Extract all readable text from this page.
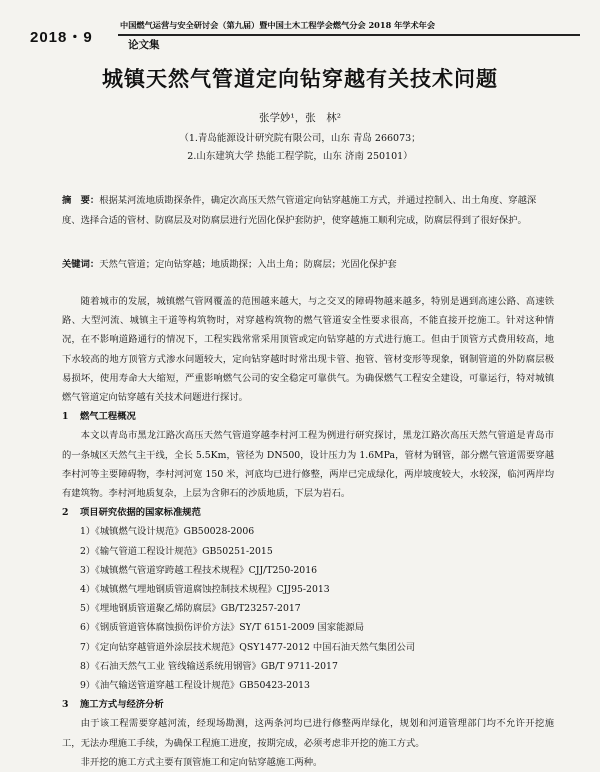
2018・9
中国燃气运营与安全研讨会（第九届）暨中国土木工程学会燃气分会 2018 年学术年会
论文集
城镇天然气管道定向钻穿越有关技术问题
张学妙¹，张　林²
（1.青岛能源设计研究院有限公司，山东 青岛 266073；
2.山东建筑大学 热能工程学院，山东 济南 250101）
摘　要：根据某河流地质勘探条件，确定次高压天然气管道定向钻穿越施工方式，并通过控制入、出土角度、穿越深度、选择合适的管材、防腐层及对防腐层进行光固化保护套防护，使穿越施工顺利完成，防腐层得到了很好保护。
关键词：天然气管道；定向钻穿越；地质勘探；入出土角；防腐层；光固化保护套

随着城市的发展，城镇燃气管网覆盖的范围越来越大，与之交叉的障碍物越来越多，特别是遇到高速公路、高速铁路、大型河流、城镇主干道等构筑物时，对穿越构筑物的燃气管道安全性要求很高，不能直接开挖施工。针对这种情况，在不影响道路通行的情况下，工程实践常常采用顶管或定向钻穿越的方式进行施工。但由于顶管方式费用较高，地下水较高的地方顶管方式渗水问题较大，定向钻穿越时时常出现卡管、抱管、管材变形等现象，钢制管道的外防腐层极易损坏，使用寿命大大缩短，严重影响燃气公司的安全稳定可靠供气。为确保燃气工程安全建设，可靠运行，特对城镇燃气管道定向钻穿越有关技术问题进行探讨。

1 燃气工程概况

本文以青岛市黑龙江路次高压天然气管道穿越李村河工程为例进行研究探讨，黑龙江路次高压天然气管道是青岛市的一条城区天然气主干线，全长 5.5Km，管径为 DN500，设计压力为 1.6MPa，管材为钢管，部分燃气管道需要穿越李村河等主要障碍物，李村河河宽 150 米，河底均已进行修整，两岸已完成绿化，两岸坡度较大，水较深，临河两岸均有建筑物。李村河地质复杂，上层为含卵石的沙质地质，下层为岩石。

2 项目研究依据的国家标准规范
1）《城镇燃气设计规范》GB50028-2006
2）《输气管道工程设计规范》GB50251-2015
3）《城镇燃气管道穿跨越工程技术规程》CJJ/T250-2016
4）《城镇燃气埋地钢质管道腐蚀控制技术规程》CJJ95-2013
5）《埋地钢质管道聚乙烯防腐层》GB/T23257-2017
6）《钢质管道管体腐蚀损伤评价方法》SY/T 6151-2009 国家能源局
7）《定向钻穿越管道外涂层技术规范》QSY1477-2012 中国石油天然气集团公司
8）《石油天然气工业 管线输送系统用钢管》GB/T 9711-2017
9）《油气输送管道穿越工程设计规范》GB50423-2013
3 施工方式与经济分析

由于该工程需要穿越河流，经现场勘测，这两条河均已进行修整两岸绿化，规划和河道管理部门均不允许开挖施工，无法办理施工手续，为确保工程施工进度，按期完成，必须考虑非开挖的施工方式。

非开挖的施工方式主要有顶管施工和定向钻穿越施工两种。
